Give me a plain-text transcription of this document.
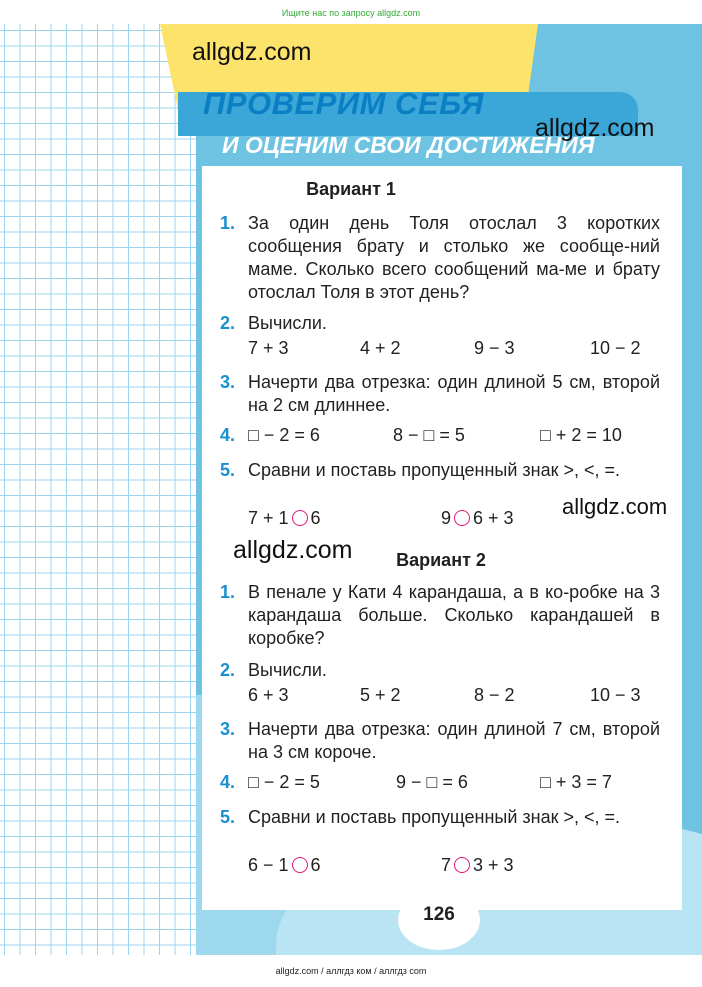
Ищите нас по запросу allgdz.com
ПРОВЕРИМ СЕБЯ
И ОЦЕНИМ СВОИ ДОСТИЖЕНИЯ
allgdz.com
allgdz.com
allgdz.com
allgdz.com
Вариант 1
1. За один день Толя отослал 3 коротких сообщения брату и столько же сообще-ний маме. Сколько всего сообщений ма-ме и брату отослал Толя в этот день?
2. Вычисли.
7 + 3	4 + 2	9 − 3	10 − 2
3. Начерти два отрезка: один длиной 5 см, второй на 2 см длиннее.
4. □ − 2 = 6	8 − □ = 5	□ + 2 = 10
5. Сравни и поставь пропущенный знак >, <, =.
7 + 1 6	9 6 + 3
Вариант 2
1. В пенале у Кати 4 карандаша, а в ко-робке на 3 карандаша больше. Сколько карандашей в коробке?
2. Вычисли.
6 + 3	5 + 2	8 − 2	10 − 3
3. Начерти два отрезка: один длиной 7 см, второй на 3 см короче.
4. □ − 2 = 5	9 − □ = 6	□ + 3 = 7
5. Сравни и поставь пропущенный знак >, <, =.
6 − 1 6	7 3 + 3
126
allgdz.com / аллгдз ком / аллгдз com
